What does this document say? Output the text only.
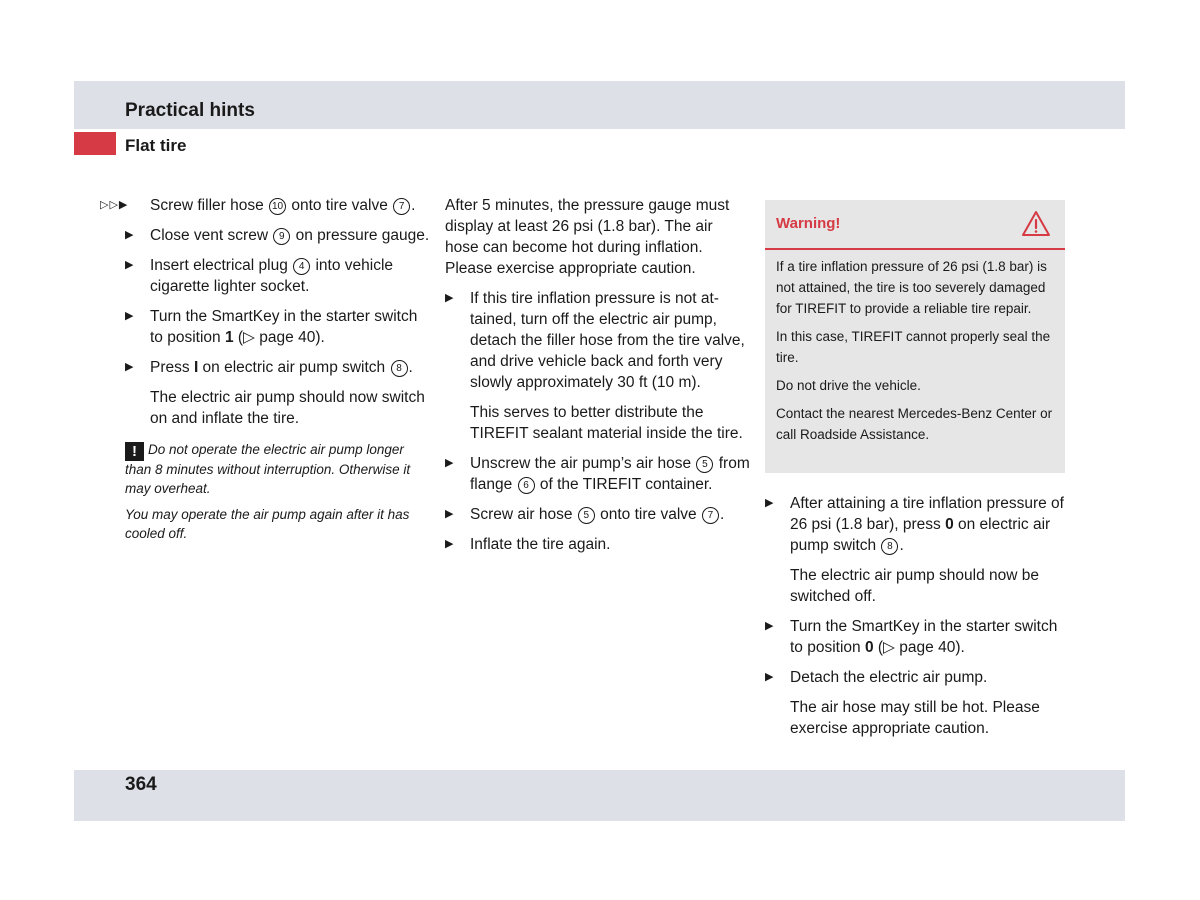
Practical hints
Flat tire
▷▷▶ Screw filler hose 10 onto tire valve 7 .
▶ Close vent screw 9 on pressure gauge.
▶ Insert electrical plug 4 into vehicle cigarette lighter socket.
▶ Turn the SmartKey in the starter switch to position 1 (▷ page 40).
▶ Press I on electric air pump switch 8 .
The electric air pump should now switch on and inflate the tire.

! Do not operate the electric air pump longer than 8 minutes without interruption. Otherwise it may overheat.

You may operate the air pump again after it has cooled off.

After 5 minutes, the pressure gauge must display at least 26 psi (1.8 bar). The air hose can become hot during inflation. Please exercise appropriate caution.
▶ If this tire inflation pressure is not at-tained, turn off the electric air pump, detach the filler hose from the tire valve, and drive vehicle back and forth very slowly approximately 30 ft (10 m).
This serves to better distribute the TIREFIT sealant material inside the tire.
▶ Unscrew the air pump’s air hose 5 from flange 6 of the TIREFIT container.
▶ Screw air hose 5 onto tire valve 7 .
▶ Inflate the tire again.
Warning!

If a tire inflation pressure of 26 psi (1.8 bar) is not attained, the tire is too severely damaged for TIREFIT to provide a reliable tire repair.

In this case, TIREFIT cannot properly seal the tire.

Do not drive the vehicle.

Contact the nearest Mercedes-Benz Center or call Roadside Assistance.

▶ After attaining a tire inflation pressure of 26 psi (1.8 bar), press 0 on electric air pump switch 8 .
The electric air pump should now be switched off.
▶ Turn the SmartKey in the starter switch to position 0 (▷ page 40).
▶ Detach the electric air pump.
The air hose may still be hot. Please exercise appropriate caution.
364
